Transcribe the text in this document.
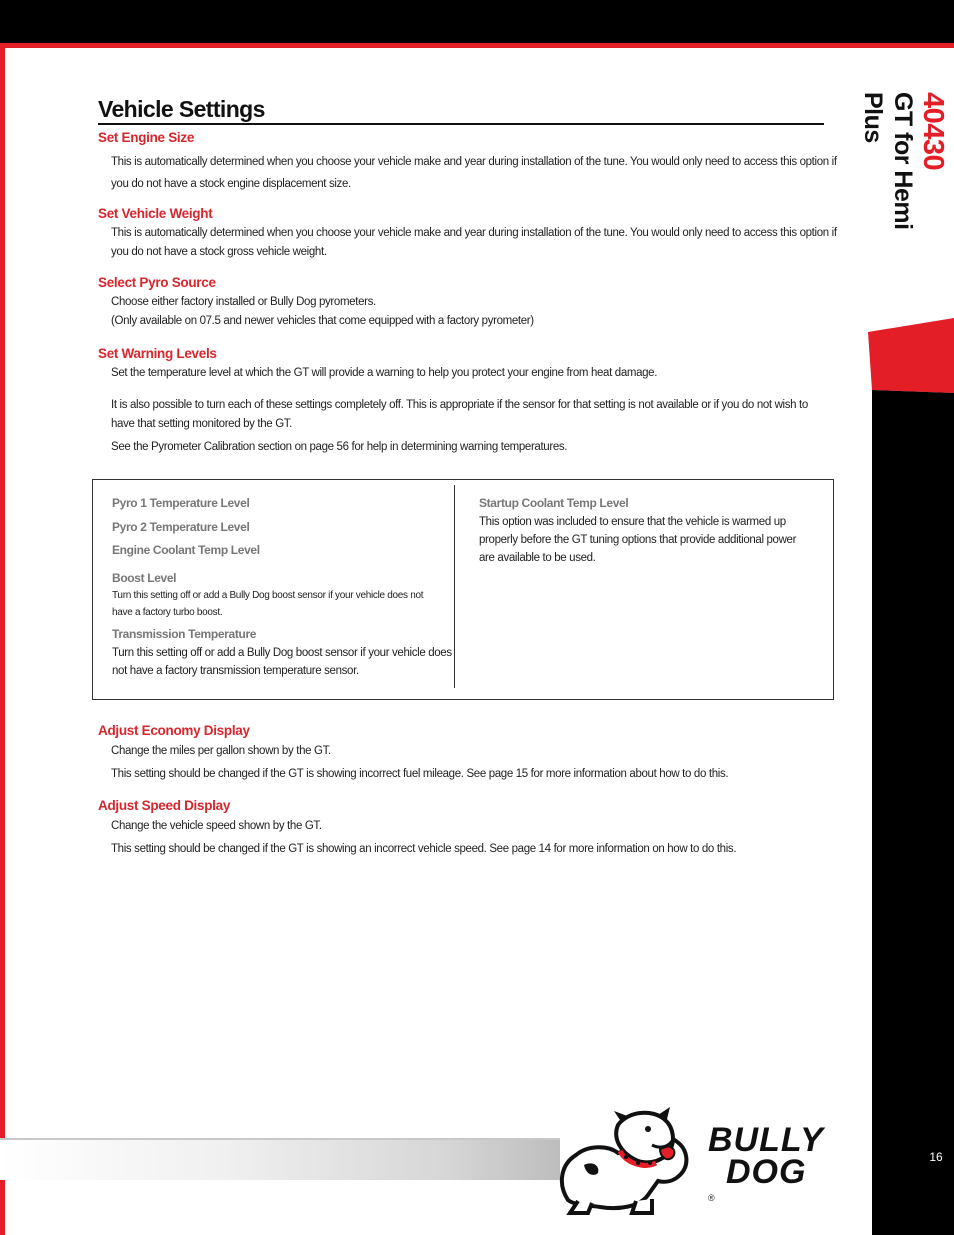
40430
GT for Hemi Plus
16
Vehicle Settings
Set Engine Size
This is automatically determined when you choose your vehicle make and year during installation of the tune. You would only need to access this option if you do not have a stock engine displacement size.
Set Vehicle Weight
This is automatically determined when you choose your vehicle make and year during installation of the tune. You would only need to access this option if you do not have a stock gross vehicle weight.
Select Pyro Source
Choose either factory installed or Bully Dog pyrometers.
(Only available on 07.5 and newer vehicles that come equipped with a factory pyrometer)
Set Warning Levels
Set the temperature level at which the GT will provide a warning to help you protect your engine from heat damage.
It is also possible to turn each of these settings completely off. This is appropriate if the sensor for that setting is not available or if you do not wish to have that setting monitored by the GT.
See the Pyrometer Calibration section on page 56 for help in determining warning temperatures.
Pyro 1 Temperature Level
Pyro 2 Temperature Level
Engine Coolant Temp Level
Boost Level
Turn this setting off or add a Bully Dog boost sensor if your vehicle does not have a factory turbo boost.
Transmission Temperature
Turn this setting off or add a Bully Dog boost sensor if your vehicle does not have a factory transmission temperature sensor.
Startup Coolant Temp Level
This option was included to ensure that the vehicle is warmed up properly before the GT tuning options that provide additional power are available to be used.
Adjust Economy Display
Change the miles per gallon shown by the GT.
This setting should be changed if the GT is showing incorrect fuel mileage. See page 15 for more information about how to do this.
Adjust Speed Display
Change the vehicle speed shown by the GT.
This setting should be changed if the GT is showing an incorrect vehicle speed. See page 14 for more information on how to do this.
BULLY
DOG
®
